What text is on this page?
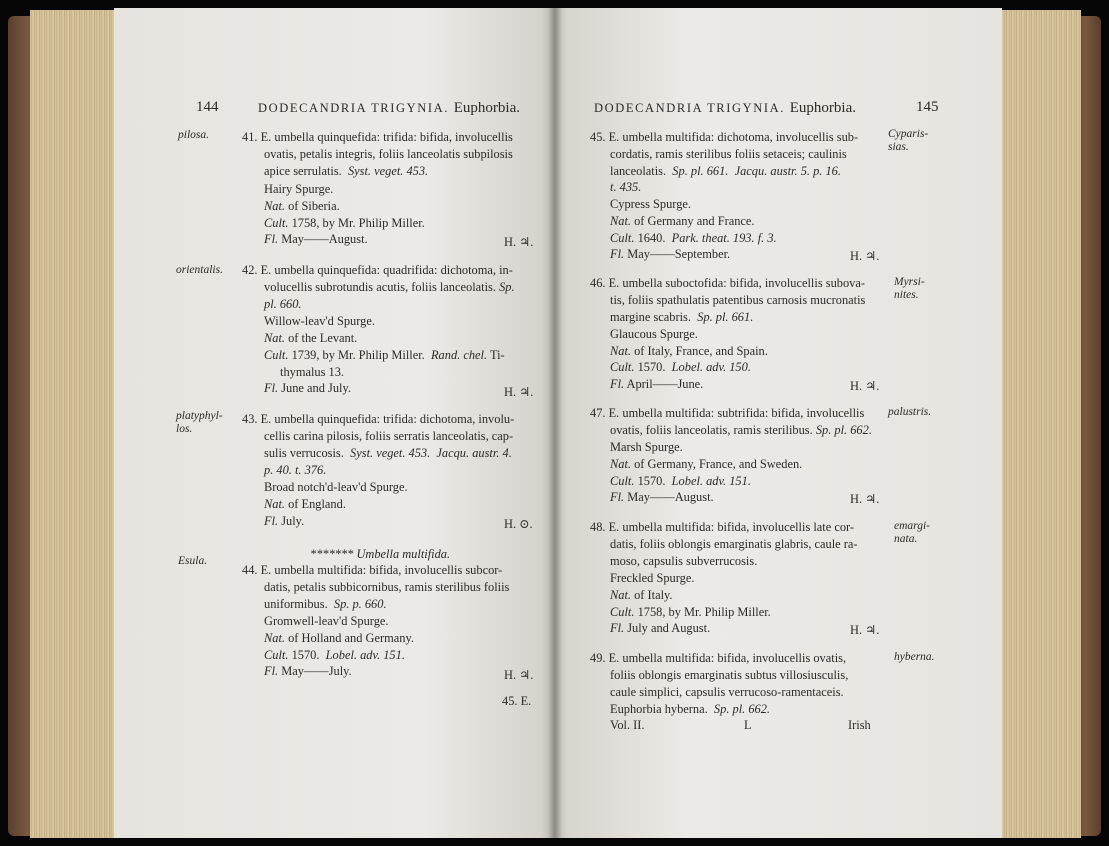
144	DODECANDRIA TRIGYNIA. Euphorbia.
pilosa.	41. E. umbella quinquefida: trifida: bifida, involucellis
ovatis, petalis integris, foliis lanceolatis subpilosis
apice serrulatis. Syst. veget. 453.
Hairy Spurge.
Nat. of Siberia.
Cult. 1758, by Mr. Philip Miller.
Fl. May——August.	H. ♃.
orientalis. 42. E. umbella quinquefida: quadrifida: dichotoma, in-
volucellis subrotundis acutis, foliis lanceolatis. Sp.
pl. 660.
Willow-leav'd Spurge.
Nat. of the Levant.
Cult. 1739, by Mr. Philip Miller. Rand. chel. Ti-
thymalus 13.
Fl. June and July.	H. ♃.
platyphyl-
los.
43. E. umbella quinquefida: trifida: dichotoma, involu-
cellis carina pilosis, foliis serratis lanceolatis, cap-
sulis verrucosis. Syst. veget. 453. Jacqu. austr. 4.
p. 40. t. 376.
Broad notch'd-leav'd Spurge.
Nat. of England.
Fl. July.	H. ⊙.
******* Umbella multifida.
Esula.
44. E. umbella multifida: bifida, involucellis subcor-
datis, petalis subbicornibus, ramis sterilibus foliis
uniformibus. Sp. p. 660.
Gromwell-leav'd Spurge.
Nat. of Holland and Germany.
Cult. 1570. Lobel. adv. 151.
Fl. May——July.	H. ♃.
45. E.
DODECANDRIA TRIGYNIA. Euphorbia.	145
45. E. umbella multifida: dichotoma, involucellis sub-	Cyparis-
sias.
cordatis, ramis sterilibus foliis setaceis; caulinis
lanceolatis. Sp. pl. 661. Jacqu. austr. 5. p. 16.
t. 435.
Cypress Spurge.
Nat. of Germany and France.
Cult. 1640. Park. theat. 193. f. 3.
Fl. May——September.	H. ♃.
46. E. umbella suboctofida: bifida, involucellis subova-	Myrsi-
nites.
tis, foliis spathulatis patentibus carnosis mucronatis
margine scabris. Sp. pl. 661.
Glaucous Spurge.
Nat. of Italy, France, and Spain.
Cult. 1570. Lobel. adv. 150.
Fl. April——June.	H. ♃.
47. E. umbella multifida: subtrifida: bifida, involucellis palustris.
ovatis, foliis lanceolatis, ramis sterilibus. Sp. pl. 662.
Marsh Spurge.
Nat. of Germany, France, and Sweden.
Cult. 1570. Lobel. adv. 151.
Fl. May——August.	H. ♃.
48. E. umbella multifida: bifida, involucellis late cor-	emargi-
nata.
datis, foliis oblongis emarginatis glabris, caule ra-
moso, capsulis subverrucosis.
Freckled Spurge.
Nat. of Italy.
Cult. 1758, by Mr. Philip Miller.
Fl. July and August.	H. ♃.
49. E. umbella multifida: bifida, involucellis ovatis,	hyberna.
foliis oblongis emarginatis subtus villosiusculis,
caule simplici, capsulis verrucoso-ramentaceis.
Euphorbia hyberna. Sp. pl. 662.
Vol. II.	L	Irish
